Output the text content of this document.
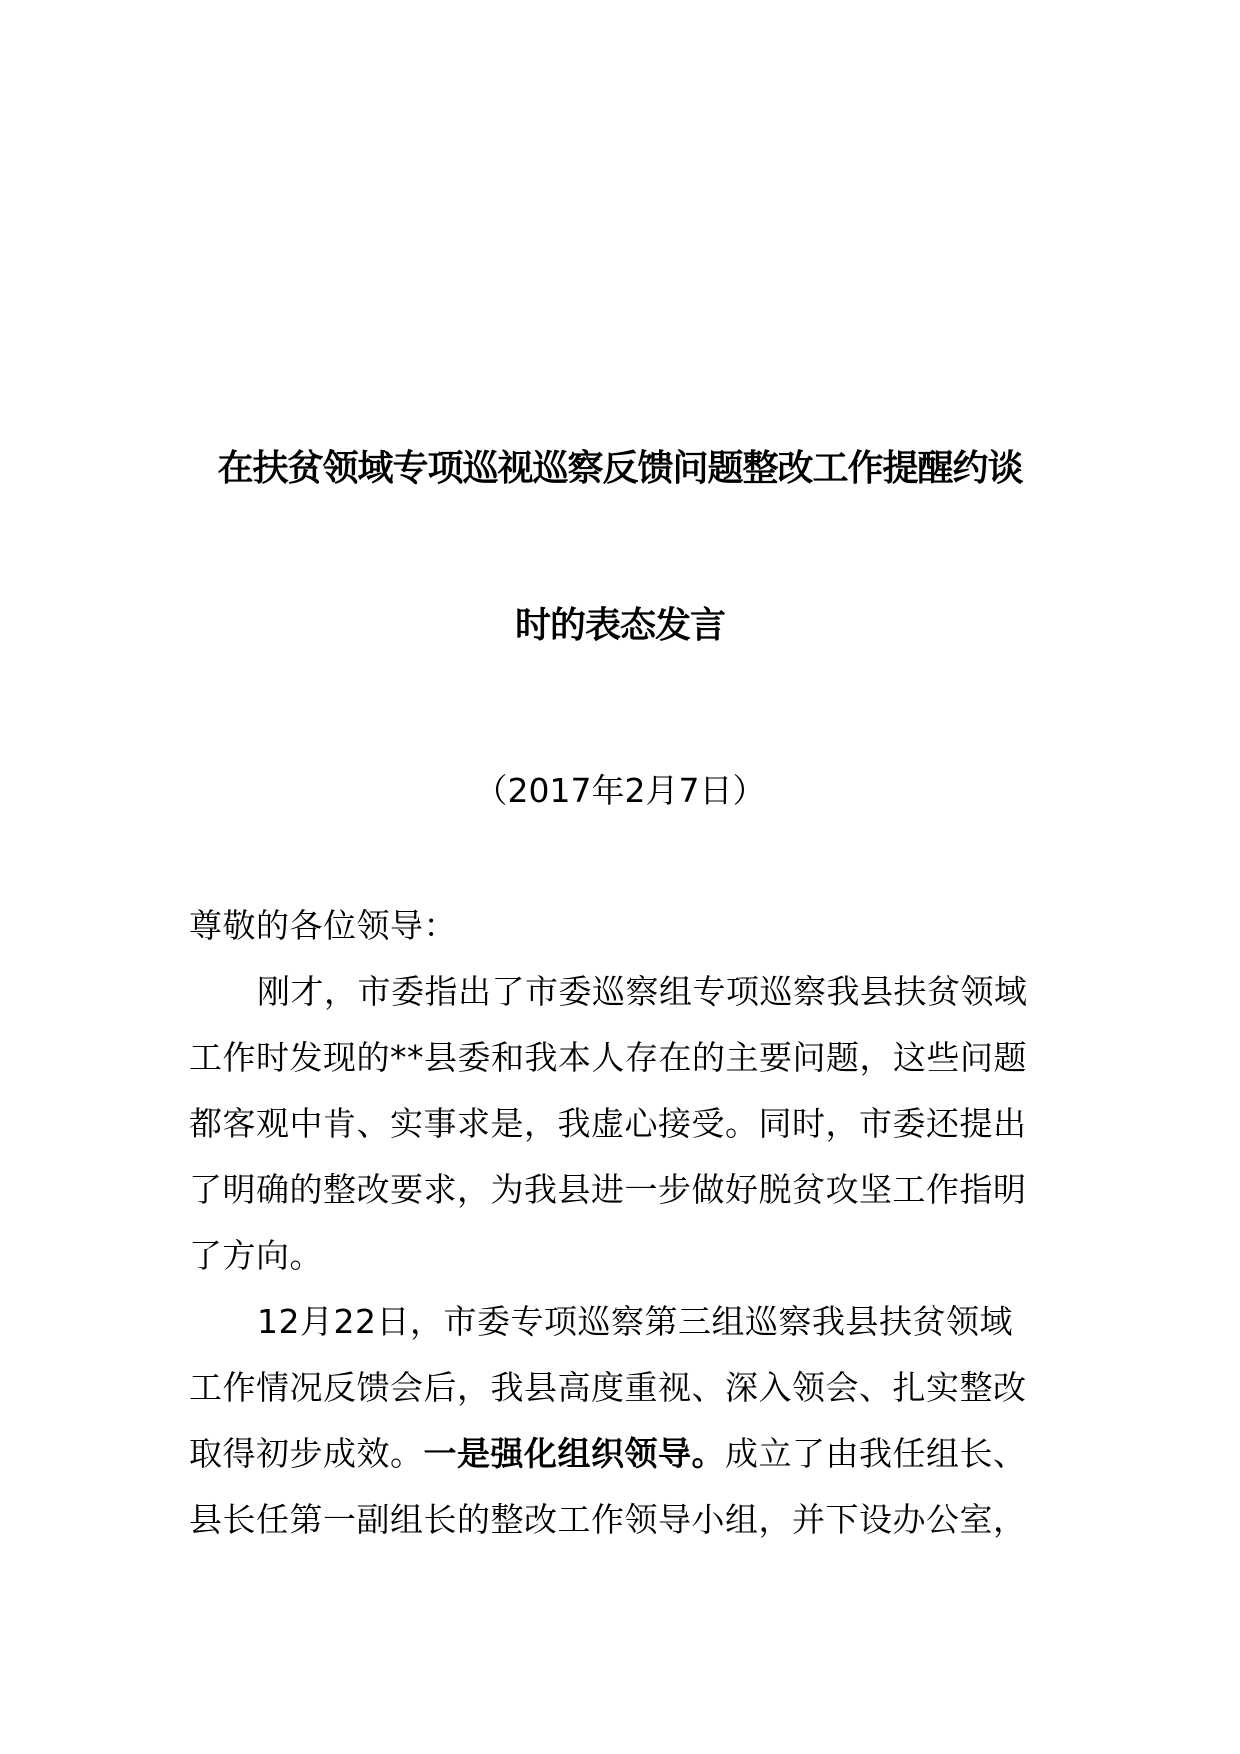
在扶贫领域专项巡视巡察反馈问题整改工作提醒约谈
时的表态发言
（2017年2月7日）
尊敬的各位领导：
刚才，市委指出了市委巡察组专项巡察我县扶贫领域
工作时发现的**县委和我本人存在的主要问题，这些问题
都客观中肯、实事求是，我虚心接受。同时，市委还提出
了明确的整改要求，为我县进一步做好脱贫攻坚工作指明
了方向。
12月22日，市委专项巡察第三组巡察我县扶贫领域
工作情况反馈会后，我县高度重视、深入领会、扎实整改
取得初步成效。一是强化组织领导。成立了由我任组长、
县长任第一副组长的整改工作领导小组，并下设办公室，
